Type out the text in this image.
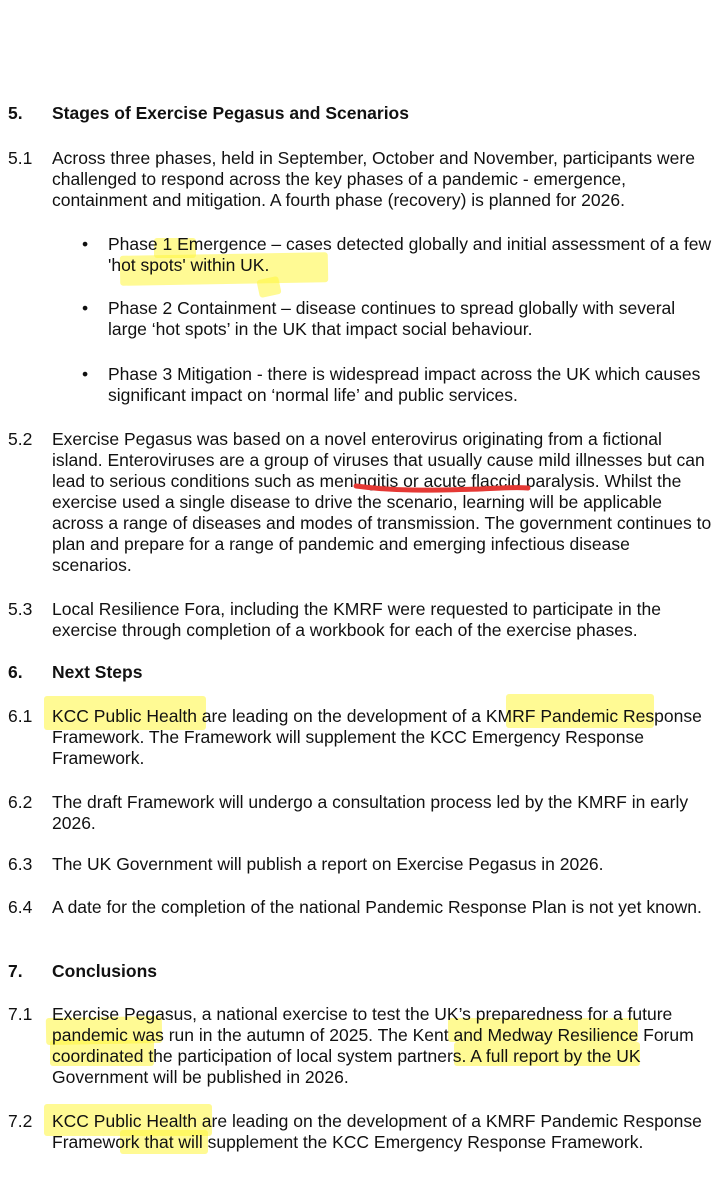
5. Stages of Exercise Pegasus and Scenarios
5.1 Across three phases, held in September, October and November, participants were challenged to respond across the key phases of a pandemic - emergence, containment and mitigation. A fourth phase (recovery) is planned for 2026.
• Phase 1 Emergence – cases detected globally and initial assessment of a few 'hot spots' within UK.
• Phase 2 Containment – disease continues to spread globally with several large ‘hot spots’ in the UK that impact social behaviour.
• Phase 3 Mitigation - there is widespread impact across the UK which causes significant impact on ‘normal life’ and public services.
5.2 Exercise Pegasus was based on a novel enterovirus originating from a fictional island. Enteroviruses are a group of viruses that usually cause mild illnesses but can lead to serious conditions such as meningitis or acute flaccid paralysis. Whilst the exercise used a single disease to drive the scenario, learning will be applicable across a range of diseases and modes of transmission. The government continues to plan and prepare for a range of pandemic and emerging infectious disease scenarios.
5.3 Local Resilience Fora, including the KMRF were requested to participate in the exercise through completion of a workbook for each of the exercise phases.
6. Next Steps
6.1 KCC Public Health are leading on the development of a KMRF Pandemic Response Framework. The Framework will supplement the KCC Emergency Response Framework.
6.2 The draft Framework will undergo a consultation process led by the KMRF in early 2026.
6.3 The UK Government will publish a report on Exercise Pegasus in 2026.
6.4 A date for the completion of the national Pandemic Response Plan is not yet known.
7. Conclusions
7.1 Exercise Pegasus, a national exercise to test the UK’s preparedness for a future pandemic was run in the autumn of 2025. The Kent and Medway Resilience Forum coordinated the participation of local system partners. A full report by the UK Government will be published in 2026.
7.2 KCC Public Health are leading on the development of a KMRF Pandemic Response Framework that will supplement the KCC Emergency Response Framework.
